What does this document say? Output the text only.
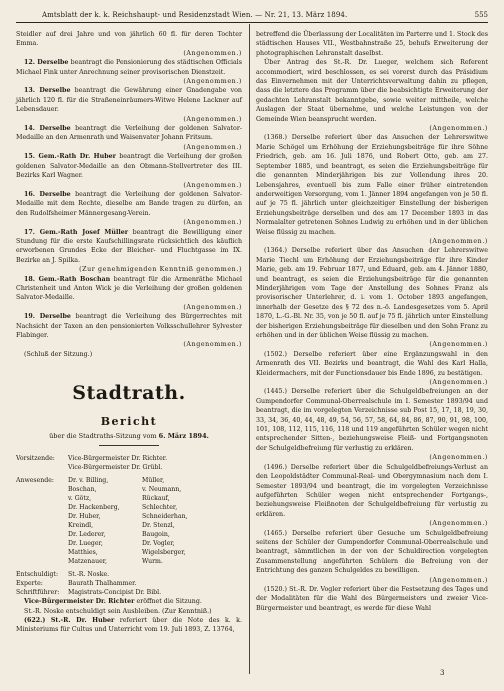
Amtsblatt der k. k. Reichshaupt- und Residenzstadt Wien. — Nr. 21, 13. März 1894.	555

Steidler auf drei Jahre und von jährlich 60 fl. für deren Tochter Emma.
(Angenommen.)

12. Derselbe beantragt die Pensionierung des städtischen Officials Michael Fink unter Anrechnung seiner provisorischen Dienstzeit.
(Angenommen.)

13. Derselbe beantragt die Gewährung einer Gnadengabe von jährlich 120 fl. für die Straßeneinräumers-Witwe Helene Lackner auf Lebensdauer.
(Angenommen.)

14. Derselbe beantragt die Verleihung der goldenen Salvator-Medaille an den Armenrath und Waisenvater Johann Fritsum.
(Angenommen.)

15. Gem.-Rath Dr. Huber beantragt die Verleihung der großen goldenen Salvator-Medaille an den Obmann-Stellvertreter des III. Bezirks Karl Wagner.
(Angenommen.)

16. Derselbe beantragt die Verleihung der goldenen Salvator-Medaille mit dem Rechte, dieselbe am Bande tragen zu dürfen, an den Rudolfsheimer Männergesang-Verein.
(Angenommen.)

17. Gem.-Rath Josef Müller beantragt die Bewilligung einer Stundung für die erste Kaufschillingsrate rücksichtlich des käuflich erworbenen Grundes Ecke der Bleicher- und Fluchtgasse im IX. Bezirke an J. Spilka.
(Zur genehmigenden Kenntniß genommen.)

18. Gem.-Rath Boschan beantragt für die Armenräthe Michael Christenheit und Anton Wick je die Verleihung der großen goldenen Salvator-Medaille.
(Angenommen.)

19. Derselbe beantragt die Verleihung des Bürgerrechtes mit Nachsicht der Taxen an den pensionierten Volksschullehrer Sylvester Flabinger.
(Angenommen.)

(Schluß der Sitzung.)

Stadtrath.
Bericht
über die Stadtraths-Sitzung vom 6. März 1894.
Vorsitzende:	Vice-Bürgermeister Dr. Richter.
Vice-Bürgermeister Dr. Grübl.
Anwesende:	Dr. v. Billing,	Müller,
Boschan,	v. Neumann,
v. Götz,	Rückauf,
Dr. Hackenberg,	Schlechter,
Dr. Huber,	Schneiderhan,
Kreindl,	Dr. Stenzl,
Dr. Lederer,	Baugoin,
Dr. Lueger,	Dr. Vogler,
Matthies,	Wigelsberger,
Matzenauer,	Wurm.
Entschuldigt:	St.-R. Noske.
Experte:	Baurath Thalhammer.
Schriftführer:	Magistrats-Concipist Dr. Bibl.

Vice-Bürgermeister Dr. Richter eröffnet die Sitzung.

St.-R. Noske entschuldigt sein Ausbleiben. (Zur Kenntniß.)

(622.) St.-R. Dr. Huber referiert über die Note des k. k. Ministeriums für Cultus und Unterricht vom 19. Juli 1893, Z. 13764,

betreffend die Überlassung der Localitäten im Parterre und 1. Stock des städtischen Hauses VII., Westbahnstraße 25, behufs Erweiterung der photographischen Lehranstalt daselbst.

Über Antrag des St.-R. Dr. Lueger, welchem sich Referent accommodiert, wird beschlossen, es sei vorerst durch das Präsidium das Einvernehmen mit der Unterrichtsverwaltung dahin zu pflegen, dass die letztere das Programm über die beabsichtigte Erweiterung der gedachten Lehranstalt bekanntgebe, sowie weiter mittheile, welche Auslagen der Staat übernehme, und welche Leistungen von der Gemeinde Wien beansprucht werden.
(Angenommen.)

(1368.) Derselbe referiert über das Ansuchen der Lehrerswitwe Marie Schögel um Erhöhung der Erziehungsbeiträge für ihre Söhne Friedrich, geb. am 16. Juli 1876, und Robert Otto, geb. am 27. September 1885, und beantragt, es seien die Erziehungsbeiträge für die genannten Minderjährigen bis zur Vollendung ihres 20. Lebensjahres, eventuell bis zum Falle einer früher eintretenden anderweitigen Versorgung, vom 1. Jänner 1894 angefangen von je 50 fl. auf je 75 fl. jährlich unter gleichzeitiger Einstellung der bisherigen Erziehungsbeiträge derselben und des am 17 December 1893 in das Normalalter getretenen Sohnes Ludwig zu erhöhen und in der üblichen Weise flüssig zu machen.
(Angenommen.)

(1364.) Derselbe referiert über das Ansuchen der Lehrerswitwe Marie Tiechl um Erhöhung der Erziehungsbeiträge für ihre Kinder Marie, geb. am 19. Februar 1877, und Eduard, geb. am 4. Jänner 1880, und beantragt, es seien die Erziehungsbeiträge für die genannten Minderjährigen vom Tage der Anstellung des Sohnes Franz als provisorischer Unterlehrer, d. i. vom 1. October 1893 angefangen, innerhalb der Gesetze des § 72 des n.-ö. Landesgesetzes vom 5. April 1870, L.-G.-Bl. Nr. 35, von je 50 fl. auf je 75 fl. jährlich unter Einstellung der bisherigen Erziehungsbeiträge für dieselben und den Sohn Franz zu erhöhen und in der üblichen Weise flüssig zu machen.
(Angenommen.)

(1502.) Derselbe referiert über eine Ergänzungswahl in den Armenrath des VII. Bezirks und beantragt, die Wahl des Karl Halla, Kleidermachers, mit der Functionsdauer bis Ende 1896, zu bestätigen.
(Angenommen.)

(1445.) Derselbe referiert über die Schulgeldbefreiungen an der Gumpendorfer Communal-Oberrealschule im I. Semester 1893/94 und beantragt, die im vorgelegten Verzeichnisse sub Post 15, 17, 18, 19, 30, 33, 34, 36, 40, 44, 48, 49, 54, 56, 57, 58, 64, 84, 86, 87, 90, 91, 98, 100, 101, 108, 112, 115, 116, 118 und 119 angeführten Schüler wegen nicht entsprechender Sitten-, beziehungsweise Fleiß- und Fortgangsnoten der Schulgeldbefreiung für verlustig zu erklären.
(Angenommen.)

(1496.) Derselbe referiert über die Schulgeldbefreiungs-Verlust an den Leopoldstädter Communal-Real- und Obergymnasium nach dem I. Semester 1893/94 und beantragt, die im vorgelegten Verzeichnisse aufgeführten Schüler wegen nicht entsprechender Fortgangs-, beziehungsweise Fleißnoten der Schulgeldbefreiung für verlustig zu erklären.
(Angenommen.)

(1465.) Derselbe referiert über Gesuche um Schulgeldbefreiung seitens der Schüler der Gumpendorfer Communal-Oberrealschule und beantragt, sämmtlichen in der von der Schuldirection vorgelegten Zusammenstellung angeführten Schülern die Befreiung von der Entrichtung des ganzen Schulgeldes zu bewilligen.
(Angenommen.)

(1520.) St.-R. Dr. Vogler referiert über die Festsetzung des Tages und der Modalitäten für die Wahl des Bürgermeisters und zweier Vice-Bürgermeister und beantragt, es werde für diese Wahl

3
